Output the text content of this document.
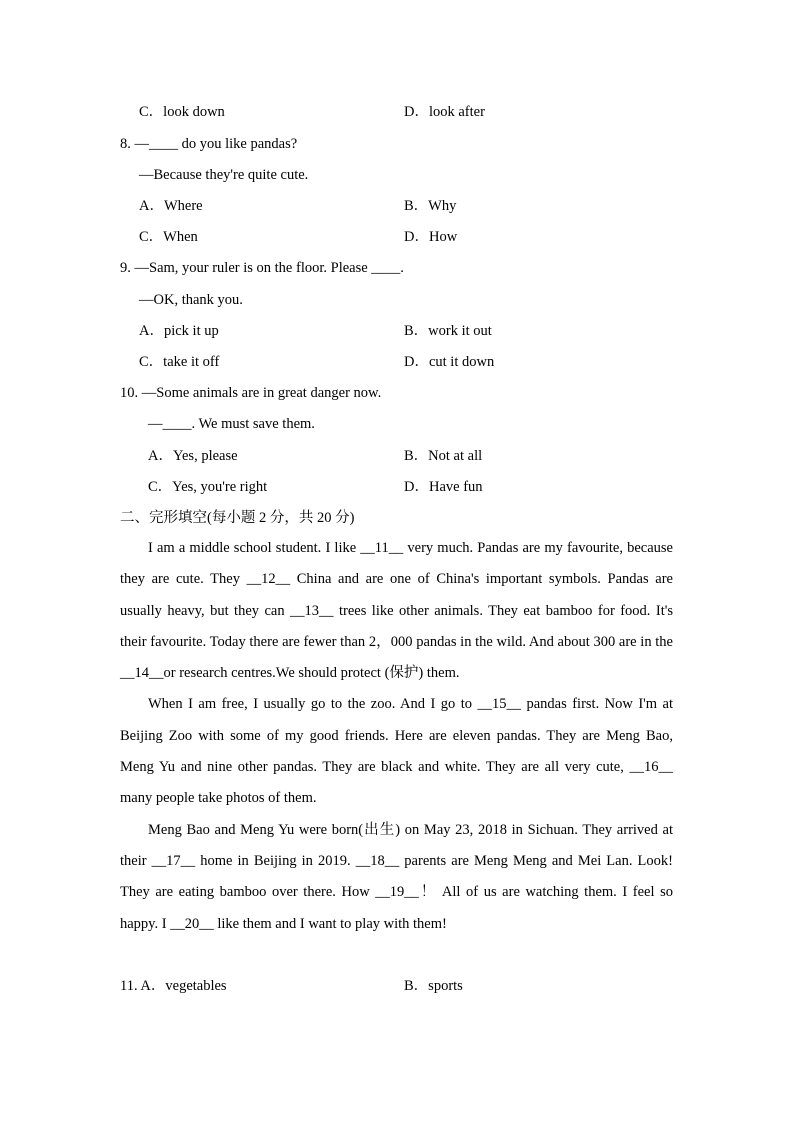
C．look down	D．look after
8. —____ do you like pandas?
—Because they're quite cute.
A．Where	B．Why
C．When	D．How
9. —Sam, your ruler is on the floor. Please ____.
—OK, thank you.
A．pick it up	B．work it out
C．take it off	D．cut it down
10. —Some animals are in great danger now.
—____. We must save them.
A．Yes, please	B．Not at all
C．Yes, you're right	D．Have fun
二、完形填空(每小题 2 分，共 20 分)

I am a middle school student. I like __11__ very much. Pandas are my favourite, because they are cute. They __12__ China and are one of China's important symbols. Pandas are usually heavy, but they can __13__ trees like other animals. They eat bamboo for food. It's their favourite. Today there are fewer than 2，000 pandas in the wild. And about 300 are in the __14__or research centres.We should protect (保护) them.

When I am free, I usually go to the zoo. And I go to __15__ pandas first. Now I'm at Beijing Zoo with some of my good friends. Here are eleven pandas. They are Meng Bao, Meng Yu and nine other pandas. They are black and white. They are all very cute, __16__ many people take photos of them.

Meng Bao and Meng Yu were born(出生) on May 23, 2018 in Sichuan. They arrived at their __17__ home in Beijing in 2019. __18__ parents are Meng Meng and Mei Lan. Look! They are eating bamboo over there. How __19__！ All of us are watching them. I feel so happy. I __20__ like them and I want to play with them!

11. A．vegetables	B．sports
